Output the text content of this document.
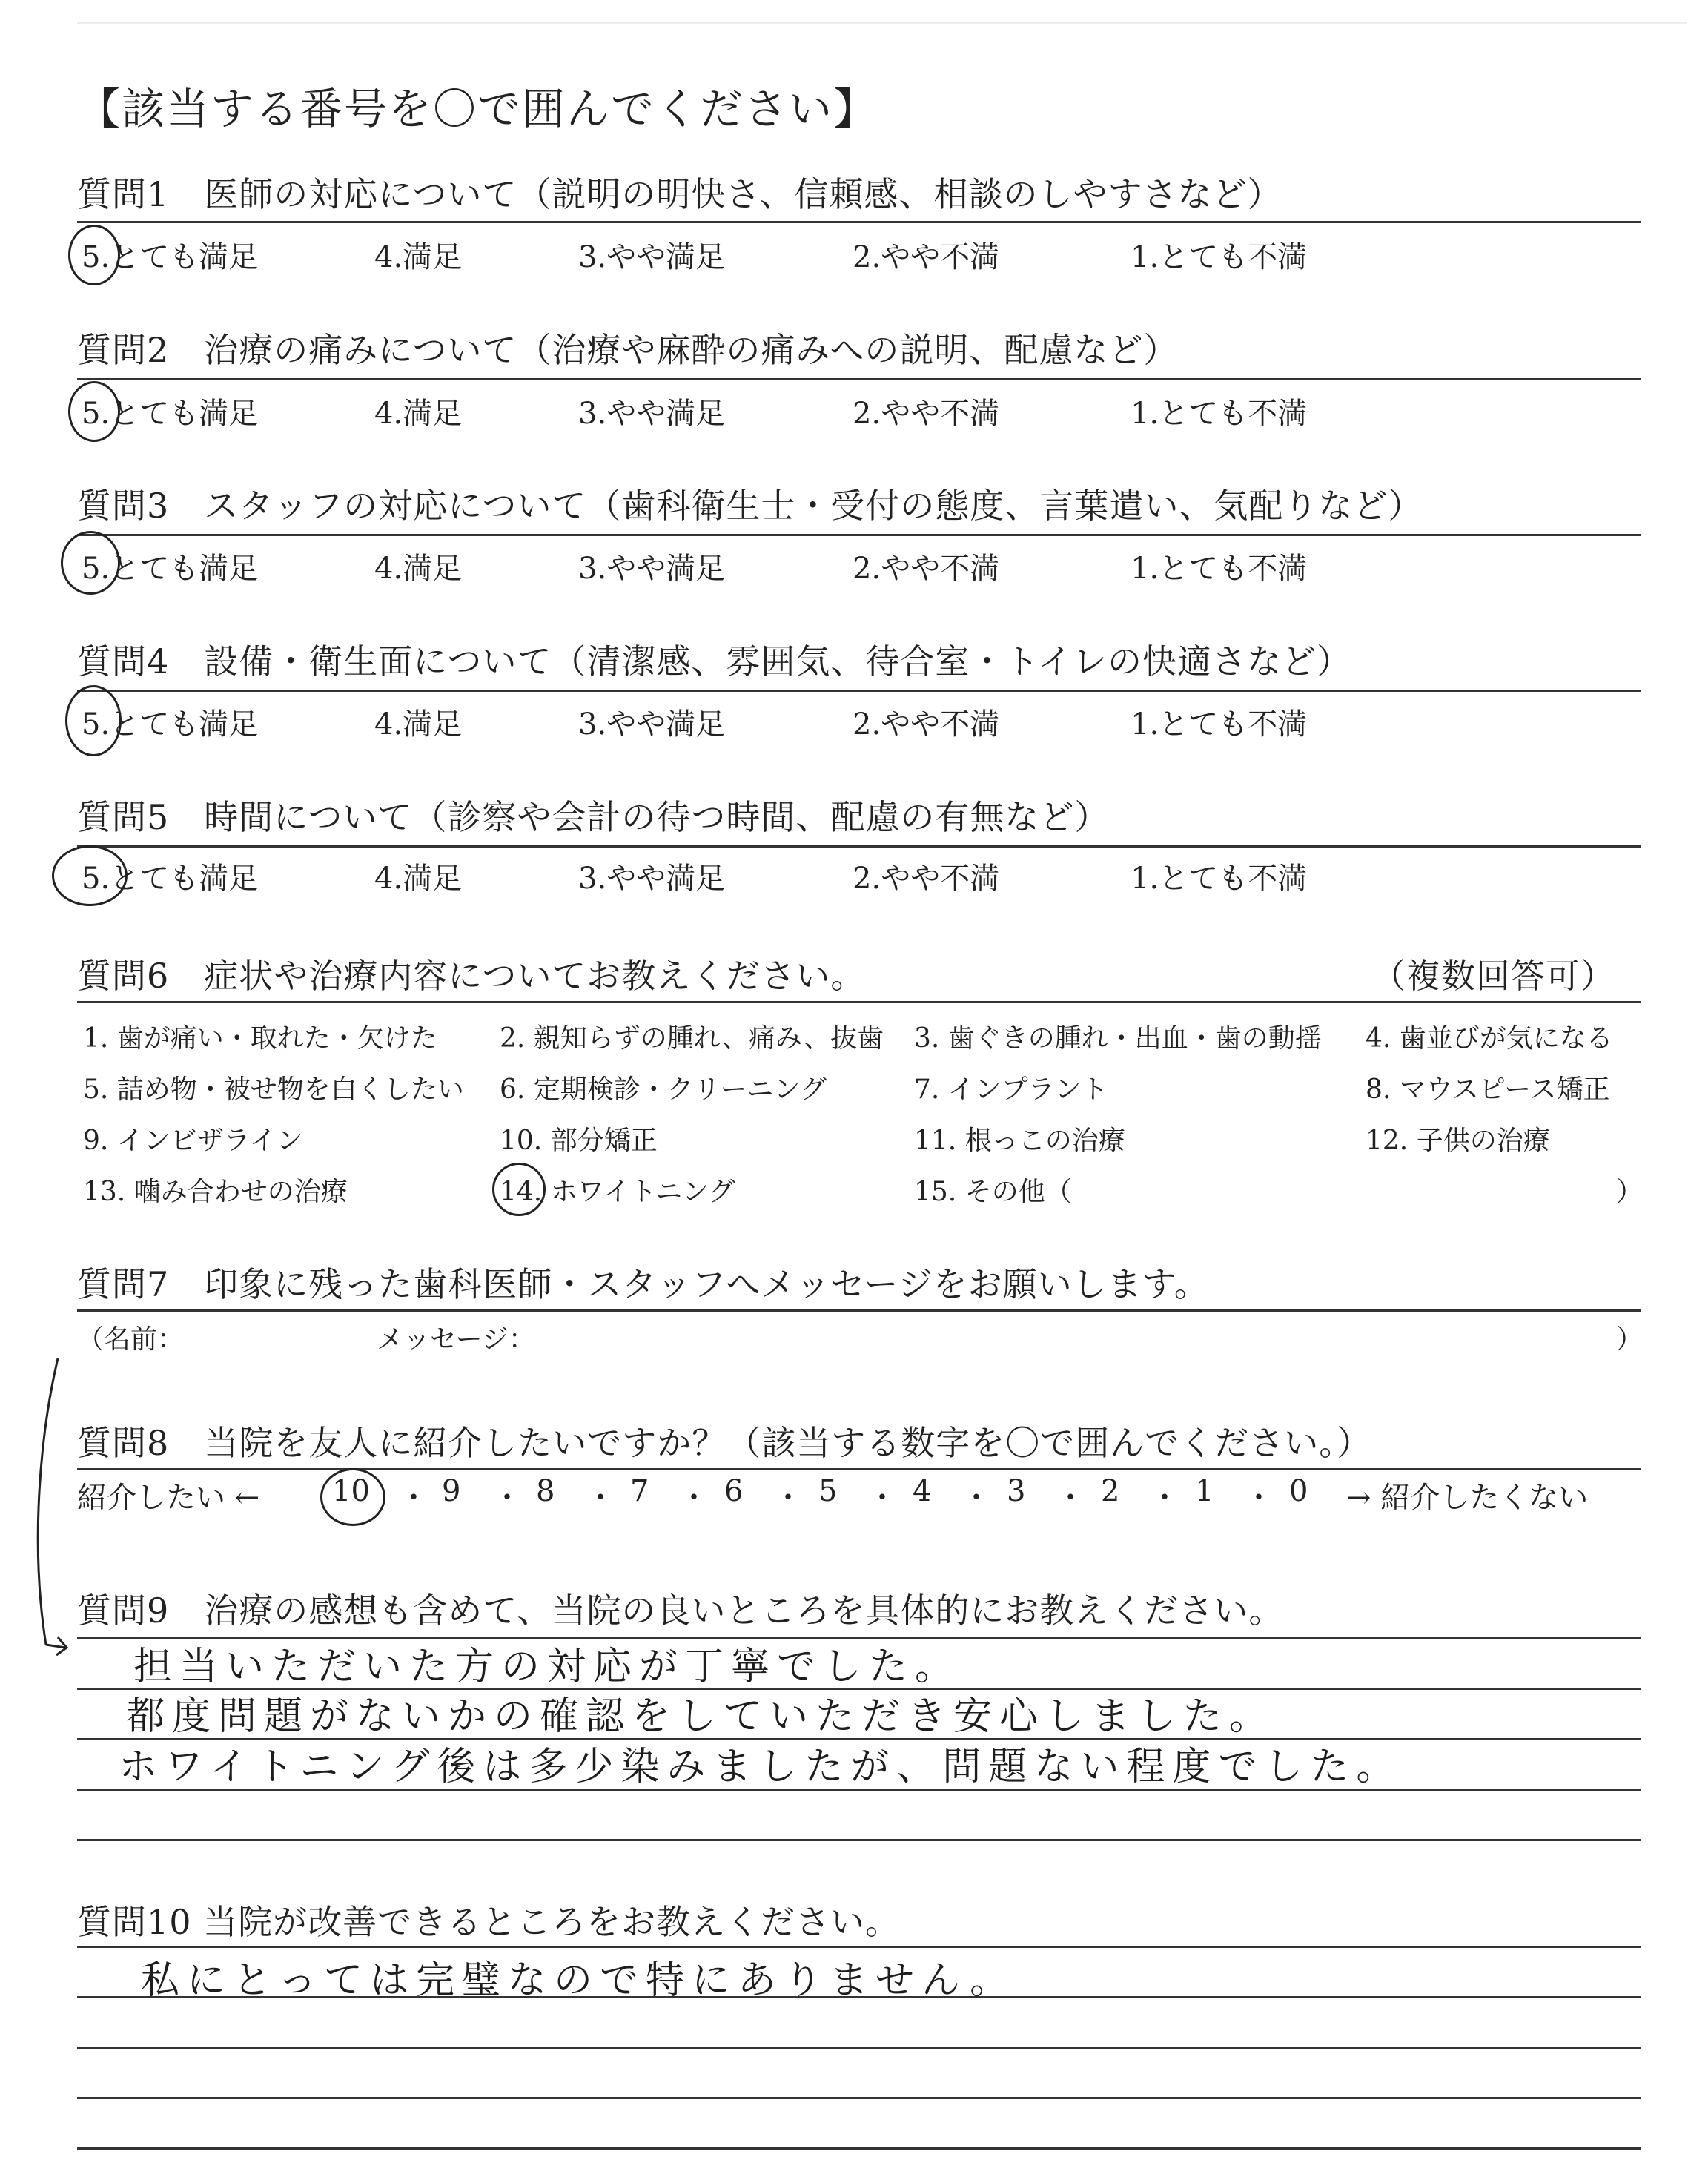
【該当する番号を〇で囲んでください】
質問1　医師の対応について（説明の明快さ、信頼感、相談のしやすさなど）
5.とても満足	4.満足	3.やや満足	2.やや不満	1.とても不満
質問2　治療の痛みについて（治療や麻酔の痛みへの説明、配慮など）
5.とても満足	4.満足	3.やや満足	2.やや不満	1.とても不満
質問3　スタッフの対応について（歯科衛生士・受付の態度、言葉遣い、気配りなど）
5.とても満足	4.満足	3.やや満足	2.やや不満	1.とても不満
質問4　設備・衛生面について（清潔感、雰囲気、待合室・トイレの快適さなど）
5.とても満足	4.満足	3.やや満足	2.やや不満	1.とても不満
質問5　時間について（診察や会計の待つ時間、配慮の有無など）
5.とても満足	4.満足	3.やや満足	2.やや不満	1.とても不満
質問6　症状や治療内容についてお教えください。	（複数回答可）
1. 歯が痛い・取れた・欠けた 2. 親知らずの腫れ、痛み、抜歯 3. 歯ぐきの腫れ・出血・歯の動揺 4. 歯並びが気になる
5. 詰め物・被せ物を白くしたい 6. 定期検診・クリーニング	7. インプラント	8. マウスピース矯正
9. インビザライン	10. 部分矯正	11. 根っこの治療	12. 子供の治療
13. 噛み合わせの治療	14. ホワイトニング	15. その他（	）
質問7　印象に残った歯科医師・スタッフへメッセージをお願いします。
（名前：	メッセージ：	）
質問8　当院を友人に紹介したいですか？（該当する数字を〇で囲んでください。）
紹介したい ← 10 ・ 9 ・ 8 ・ 7 ・ 6 ・ 5 ・ 4 ・ 3 ・ 2 ・ 1 ・ 0 → 紹介したくない
質問9　治療の感想も含めて、当院の良いところを具体的にお教えください。
担当いただいた方の対応が丁寧でした。
都度問題がないかの確認をしていただき安心しました。
ホワイトニング後は多少染みましたが、問題ない程度でした。
質問10 当院が改善できるところをお教えください。
私にとっては完璧なので特にありません。
